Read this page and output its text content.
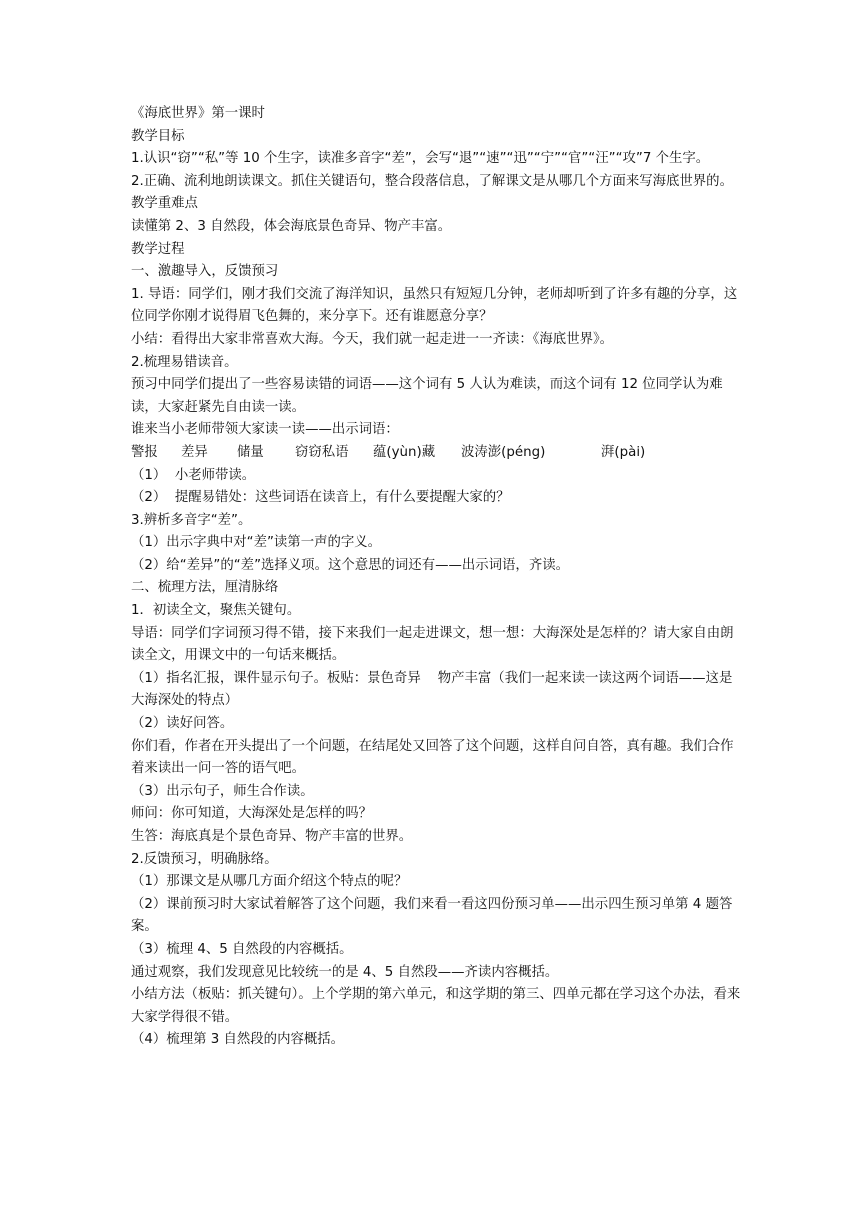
《海底世界》第一课时

教学目标

1.认识“窃”“私”等 10 个生字，读准多音字“差”，会写“退”“速”“迅”“宁”“官”“汪”“攻”7 个生字。

2.正确、流利地朗读课文。抓住关键语句，整合段落信息，了解课文是从哪几个方面来写海底世界的。

教学重难点

读懂第 2、3 自然段，体会海底景色奇异、物产丰富。

教学过程

一、激趣导入，反馈预习

1. 导语：同学们，刚才我们交流了海洋知识，虽然只有短短几分钟，老师却听到了许多有趣的分享，这位同学你刚才说得眉飞色舞的，来分享下。还有谁愿意分享？

小结：看得出大家非常喜欢大海。今天，我们就一起走进一一齐读：《海底世界》。

2.梳理易错读音。

预习中同学们提出了一些容易读错的词语——这个词有 5 人认为难读，而这个词有 12 位同学认为难读，大家赶紧先自由读一读。

谁来当小老师带领大家读一读——出示词语：

警报 差异 储量 窃窃私语 蕴(yùn)藏 波涛澎(péng)	湃(pài)

（1）  小老师带读。

（2）  提醒易错处：这些词语在读音上，有什么要提醒大家的？

3.辨析多音字“差”。

（1）出示字典中对“差”读第一声的字义。

（2）给“差异”的“差”选择义项。这个意思的词还有——出示词语，齐读。

二、梳理方法，厘清脉络

1．初读全文，聚焦关键句。

导语：同学们字词预习得不错，接下来我们一起走进课文，想一想：大海深处是怎样的？请大家自由朗读全文，用课文中的一句话来概括。

（1）指名汇报，课件显示句子。板贴：景色奇异    物产丰富（我们一起来读一读这两个词语——这是大海深处的特点）

（2）读好问答。

你们看，作者在开头提出了一个问题，在结尾处又回答了这个问题，这样自问自答，真有趣。我们合作着来读出一问一答的语气吧。

（3）出示句子，师生合作读。

师问：你可知道，大海深处是怎样的吗？

生答：海底真是个景色奇异、物产丰富的世界。

2.反馈预习，明确脉络。

（1）那课文是从哪几方面介绍这个特点的呢？

（2）课前预习时大家试着解答了这个问题，我们来看一看这四份预习单——出示四生预习单第 4 题答案。

（3）梳理 4、5 自然段的内容概括。

通过观察，我们发现意见比较统一的是 4、5 自然段——齐读内容概括。

小结方法（板贴：抓关键句）。上个学期的第六单元，和这学期的第三、四单元都在学习这个办法，看来大家学得很不错。

（4）梳理第 3 自然段的内容概括。
